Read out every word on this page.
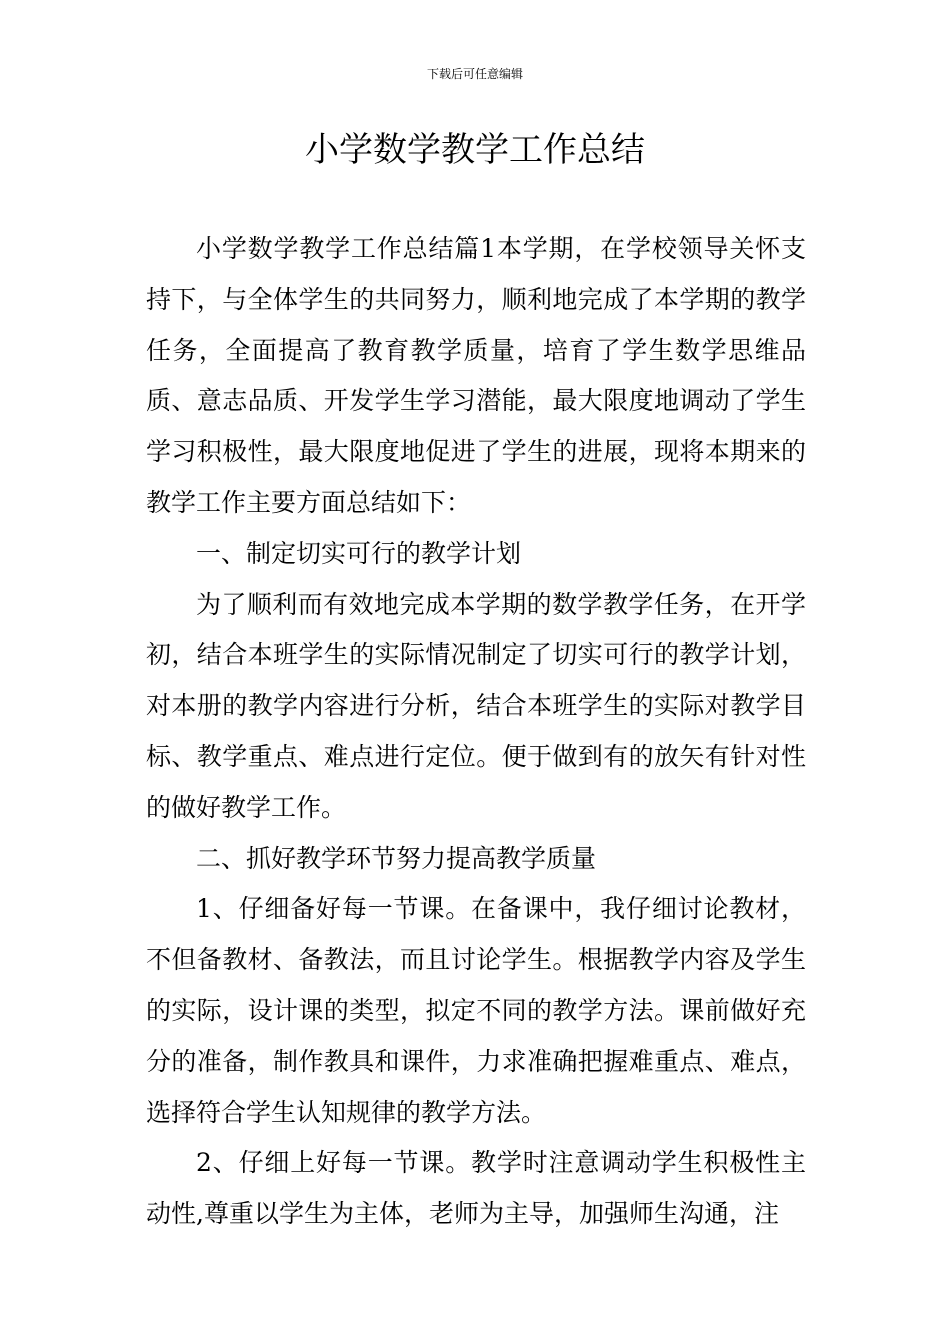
下载后可任意编辑
小学数学教学工作总结

小学数学教学工作总结篇1本学期，在学校领导关怀支持下，与全体学生的共同努力，顺利地完成了本学期的教学任务，全面提高了教育教学质量，培育了学生数学思维品质、意志品质、开发学生学习潜能，最大限度地调动了学生学习积极性，最大限度地促进了学生的进展，现将本期来的教学工作主要方面总结如下：

一、制定切实可行的教学计划

为了顺利而有效地完成本学期的数学教学任务，在开学初，结合本班学生的实际情况制定了切实可行的教学计划，对本册的教学内容进行分析，结合本班学生的实际对教学目标、教学重点、难点进行定位。便于做到有的放矢有针对性的做好教学工作。

二、抓好教学环节努力提高教学质量

1、仔细备好每一节课。在备课中，我仔细讨论教材，不但备教材、备教法，而且讨论学生。根据教学内容及学生的实际，设计课的类型，拟定不同的教学方法。课前做好充分的准备，制作教具和课件，力求准确把握难重点、难点，选择符合学生认知规律的教学方法。

2、仔细上好每一节课。教学时注意调动学生积极性主动性,尊重以学生为主体，老师为主导，加强师生沟通，注
